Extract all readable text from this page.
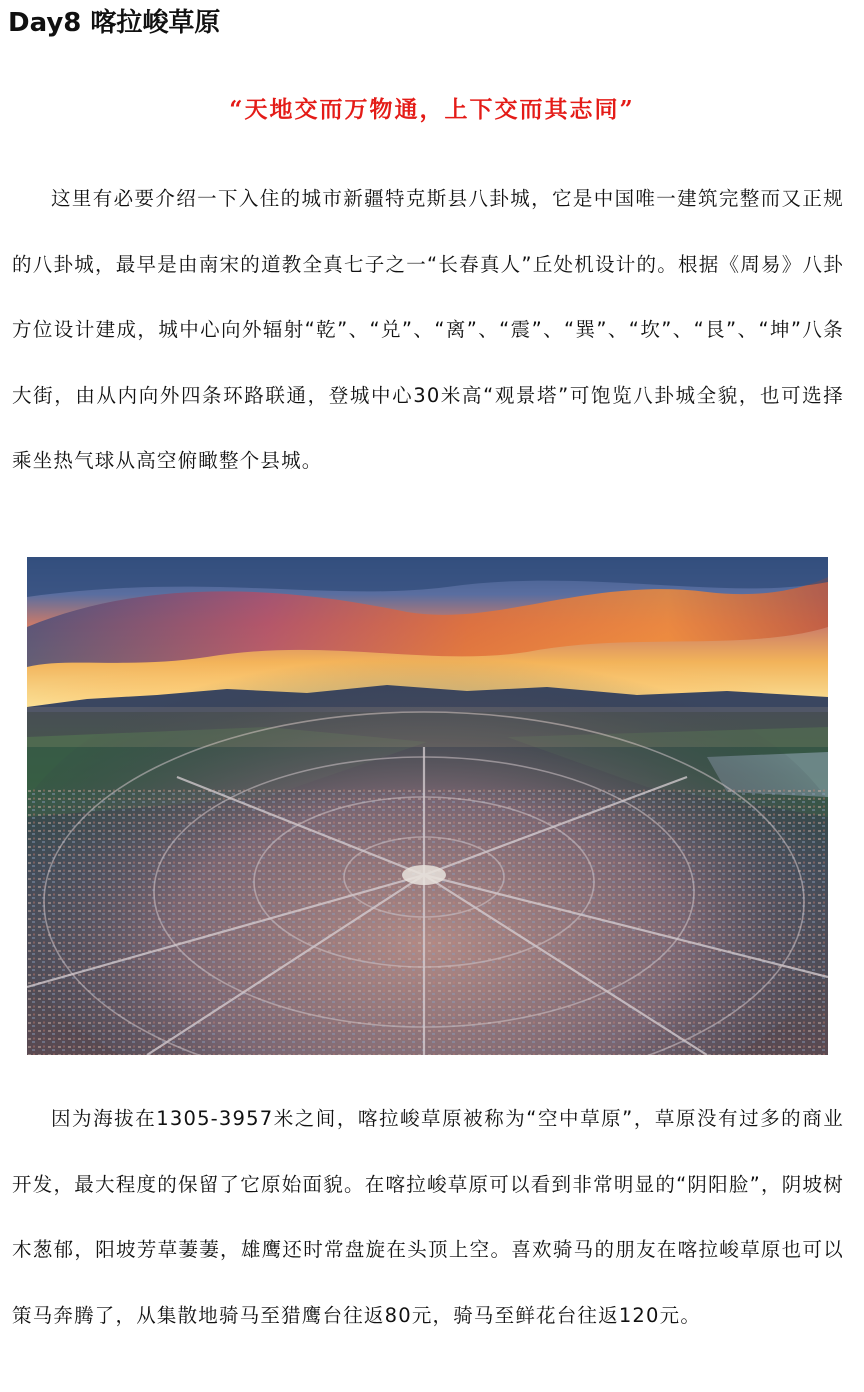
Day8 喀拉峻草原
“天地交而万物通，上下交而其志同”
这里有必要介绍一下入住的城市新疆特克斯县八卦城，它是中国唯一建筑完整而又正规的八卦城，最早是由南宋的道教全真七子之一“长春真人”丘处机设计的。根据《周易》八卦方位设计建成，城中心向外辐射“乾”、“兑”、“离”、“震”、“巽”、“坎”、“艮”、“坤”八条大街，由从内向外四条环路联通，登城中心30米高“观景塔”可饱览八卦城全貌，也可选择乘坐热气球从高空俯瞰整个县城。
因为海拔在1305-3957米之间，喀拉峻草原被称为“空中草原”，草原没有过多的商业开发，最大程度的保留了它原始面貌。在喀拉峻草原可以看到非常明显的“阴阳脸”，阴坡树木葱郁，阳坡芳草萋萋，雄鹰还时常盘旋在头顶上空。喜欢骑马的朋友在喀拉峻草原也可以策马奔腾了，从集散地骑马至猎鹰台往返80元，骑马至鲜花台往返120元。
